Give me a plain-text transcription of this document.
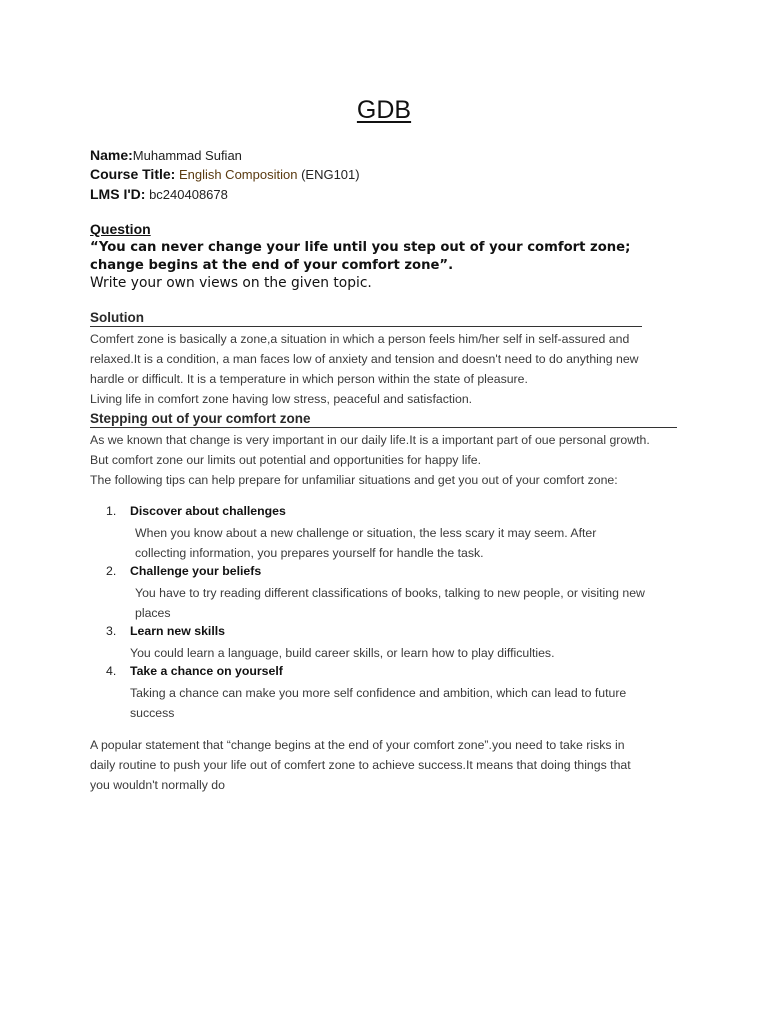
GDB
Name:Muhammad Sufian
Course Title: English Composition (ENG101)
LMS I'D: bc240408678
Question
“You can never change your life until you step out of your comfort zone;
change begins at the end of your comfort zone”.
Write your own views on the given topic.
Solution
Comfert zone is basically a zone,a situation in which a person feels him/her self in self-assured and
relaxed.It is a condition, a man faces low of anxiety and tension and doesn't need to do anything new
hardle or difficult. It is a temperature in which person within the state of pleasure.
Living life in comfort zone having low stress, peaceful and satisfaction.
Stepping out of your comfort zone
As we known that change is very important in our daily life.It is a important part of oue personal growth.
But comfort zone our limits out potential and opportunities for happy life.
The following tips can help prepare for unfamiliar situations and get you out of your comfort zone:
1. Discover about challenges
When you know about a new challenge or situation, the less scary it may seem. After
collecting information, you prepares yourself for handle the task.
2. Challenge your beliefs
You have to try reading different classifications of books, talking to new people, or visiting new
places
3. Learn new skills
You could learn a language, build career skills, or learn how to play difficulties.
4. Take a chance on yourself
Taking a chance can make you more self confidence and ambition, which can lead to future
success
A popular statement that “change begins at the end of your comfort zone”.you need to take risks in
daily routine to push your life out of comfert zone to achieve success.It means that doing things that
you wouldn't normally do
